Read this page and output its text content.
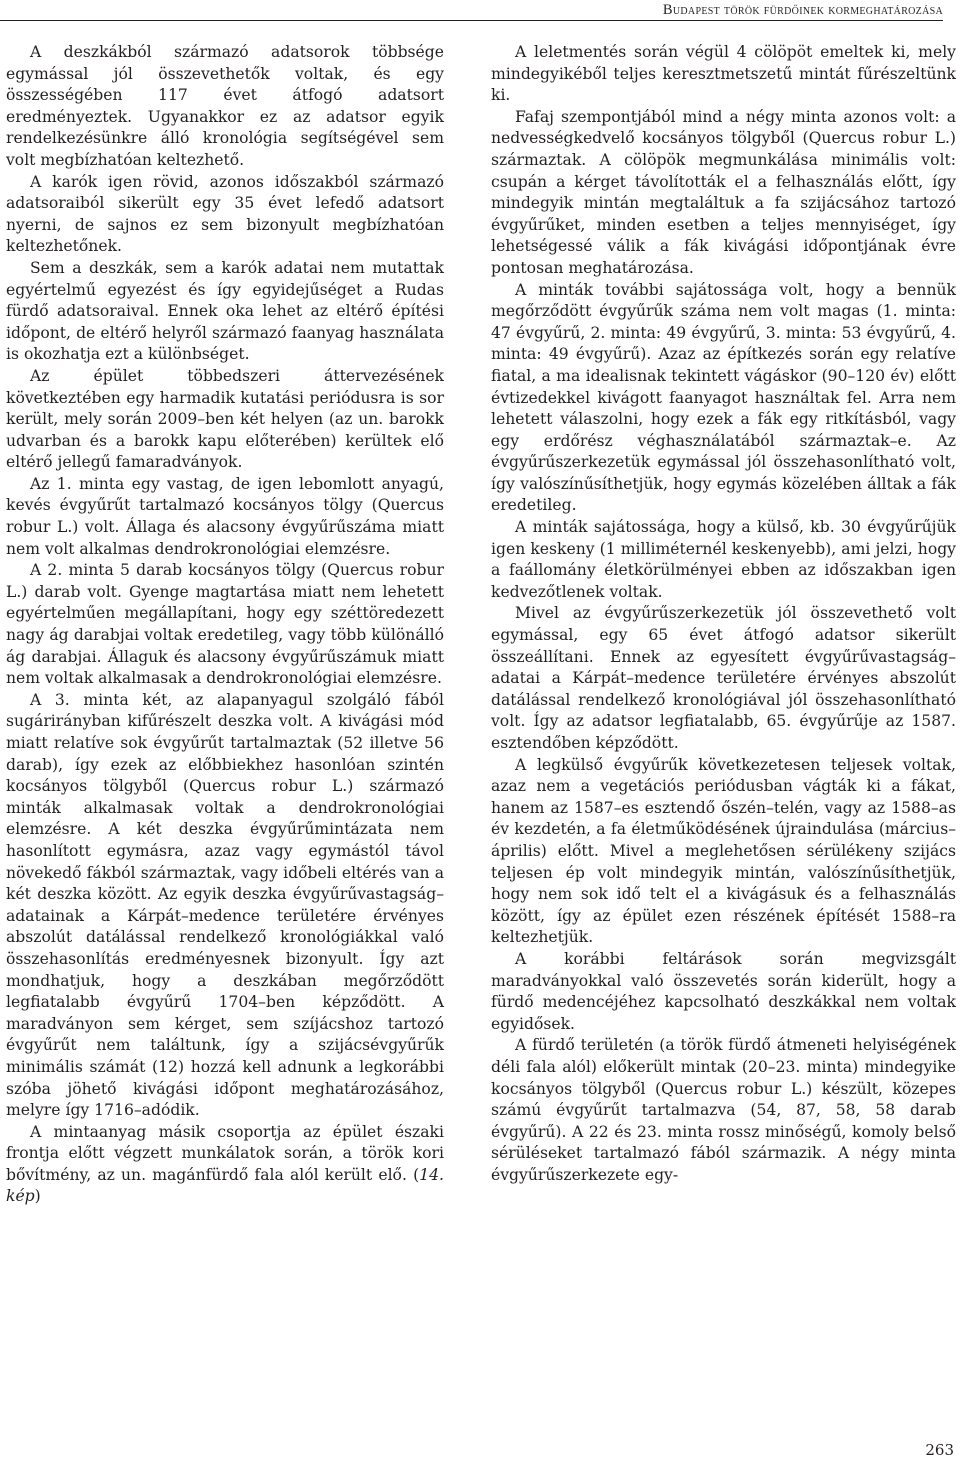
Budapest török fürdőinek kormeghatározása

A deszkákból származó adatsorok többsége egymással jól összevethetők voltak, és egy összességében 117 évet átfogó adatsort eredményeztek. Ugyanakkor ez az adatsor egyik rendelkezésünkre álló kronológia segítségével sem volt megbízhatóan keltezhető.

A karók igen rövid, azonos időszakból származó adatsoraiból sikerült egy 35 évet lefedő adatsort nyerni, de sajnos ez sem bizonyult megbízhatóan keltezhetőnek.

Sem a deszkák, sem a karók adatai nem mutattak egyértelmű egyezést és így egyidejűséget a Rudas fürdő adatsoraival. Ennek oka lehet az eltérő építési időpont, de eltérő helyről származó faanyag használata is okozhatja ezt a különbséget.

Az épület többedszeri áttervezésének következtében egy harmadik kutatási periódusra is sor került, mely során 2009–ben két helyen (az un. barokk udvarban és a barokk kapu előterében) kerültek elő eltérő jellegű famaradványok.

Az 1. minta egy vastag, de igen lebomlott anyagú, kevés évgyűrűt tartalmazó kocsányos tölgy (Quercus robur L.) volt. Állaga és alacsony évgyűrűszáma miatt nem volt alkalmas dendrokronológiai elemzésre.

A 2. minta 5 darab kocsányos tölgy (Quercus robur L.) darab volt. Gyenge magtartása miatt nem lehetett egyértelműen megállapítani, hogy egy széttöredezett nagy ág darabjai voltak eredetileg, vagy több különálló ág darabjai. Állaguk és alacsony évgyűrűszámuk miatt nem voltak alkalmasak a dendrokronológiai elemzésre.

A 3. minta két, az alapanyagul szolgáló fából sugárirányban kifűrészelt deszka volt. A kivágási mód miatt relatíve sok évgyűrűt tartalmaztak (52 illetve 56 darab), így ezek az előbbiekhez hasonlóan szintén kocsányos tölgyből (Quercus robur L.) származó minták alkalmasak voltak a dendrokronológiai elemzésre. A két deszka évgyűrűmintázata nem hasonlított egymásra, azaz vagy egymástól távol növekedő fákból származtak, vagy időbeli eltérés van a két deszka között. Az egyik deszka évgyűrűvastagság–adatainak a Kárpát–medence területére érvényes abszolút datálással rendelkező kronológiákkal való összehasonlítás eredményesnek bizonyult. Így azt mondhatjuk, hogy a deszkában megőrződött legfiatalabb évgyűrű 1704–ben képződött. A maradványon sem kérget, sem szíjácshoz tartozó évgyűrűt nem találtunk, így a szijácsévgyűrűk minimális számát (12) hozzá kell adnunk a legkorábbi szóba jöhető kivágási időpont meghatározásához, melyre így 1716–adódik.

A mintaanyag másik csoportja az épület északi frontja előtt végzett munkálatok során, a török kori bővítmény, az un. magánfürdő fala alól került elő. (14. kép)

A leletmentés során végül 4 cölöpöt emeltek ki, mely mindegyikéből teljes keresztmetszetű mintát fűrészeltünk ki.

Fafaj szempontjából mind a négy minta azonos volt: a nedvességkedvelő kocsányos tölgyből (Quercus robur L.) származtak. A cölöpök megmunkálása minimális volt: csupán a kérget távolították el a felhasználás előtt, így mindegyik mintán megtaláltuk a fa szijácsához tartozó évgyűrűket, minden esetben a teljes mennyiséget, így lehetségessé válik a fák kivágási időpontjának évre pontosan meghatározása.

A minták további sajátossága volt, hogy a bennük megőrződött évgyűrűk száma nem volt magas (1. minta: 47 évgyűrű, 2. minta: 49 évgyűrű, 3. minta: 53 évgyűrű, 4. minta: 49 évgyűrű). Azaz az építkezés során egy relatíve fiatal, a ma idealisnak tekintett vágáskor (90–120 év) előtt évtizedekkel kivágott faanyagot használtak fel. Arra nem lehetett válaszolni, hogy ezek a fák egy ritkításból, vagy egy erdőrész véghasználatából származtak–e. Az évgyűrűszerkezetük egymással jól összehasonlítható volt, így valószínűsíthetjük, hogy egymás közelében álltak a fák eredetileg.

A minták sajátossága, hogy a külső, kb. 30 évgyűrűjük igen keskeny (1 milliméternél keskenyebb), ami jelzi, hogy a faállomány életkörülményei ebben az időszakban igen kedvezőtlenek voltak.

Mivel az évgyűrűszerkezetük jól összevethető volt egymással, egy 65 évet átfogó adatsor sikerült összeállítani. Ennek az egyesített évgyűrűvastagság–adatai a Kárpát–medence területére érvényes abszolút datálással rendelkező kronológiával jól összehasonlítható volt. Így az adatsor legfiatalabb, 65. évgyűrűje az 1587. esztendőben képződött.

A legkülső évgyűrűk következetesen teljesek voltak, azaz nem a vegetációs periódusban vágták ki a fákat, hanem az 1587–es esztendő őszén–telén, vagy az 1588–as év kezdetén, a fa életműködésének újraindulása (március–április) előtt. Mivel a meglehetősen sérülékeny szijács teljesen ép volt mindegyik mintán, valószínűsíthetjük, hogy nem sok idő telt el a kivágásuk és a felhasználás között, így az épület ezen részének építését 1588–ra keltezhetjük.

A korábbi feltárások során megvizsgált maradványokkal való összevetés során kiderült, hogy a fürdő medencéjéhez kapcsolható deszkákkal nem voltak egyidősek.

A fürdő területén (a török fürdő átmeneti helyiségének déli fala alól) előkerült mintak (20–23. minta) mindegyike kocsányos tölgyből (Quercus robur L.) készült, közepes számú évgyűrűt tartalmazva (54, 87, 58, 58 darab évgyűrű). A 22 és 23. minta rossz minőségű, komoly belső sérüléseket tartalmazó fából származik. A négy minta évgyűrűszerkezete egy-

263
